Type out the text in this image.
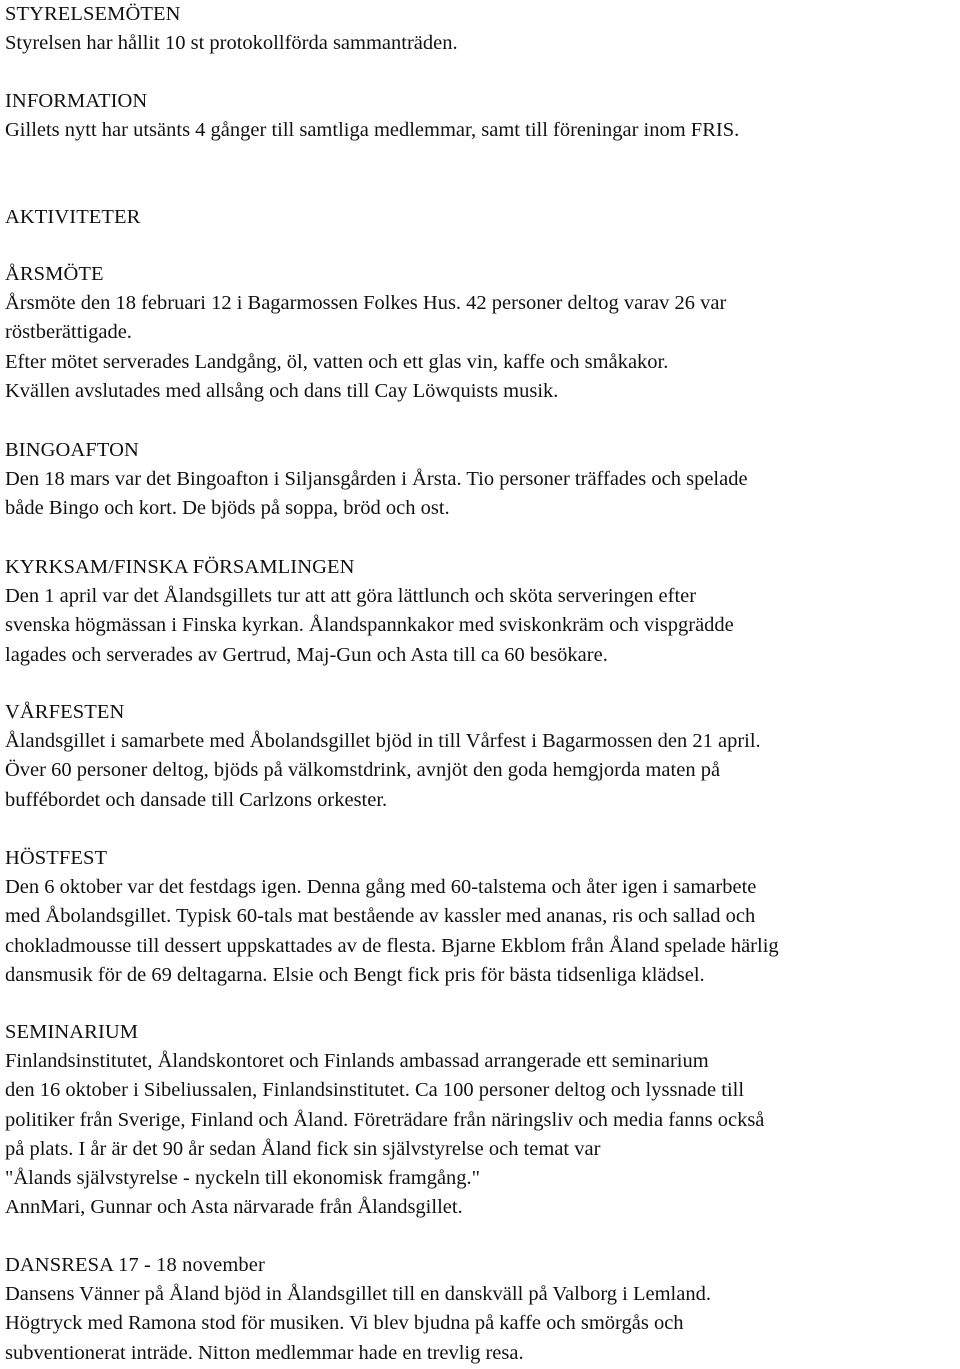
STYRELSEMÖTEN
Styrelsen har hållit 10 st protokollförda sammanträden.
INFORMATION
Gillets nytt har utsänts 4 gånger till samtliga medlemmar, samt till föreningar inom FRIS.
AKTIVITETER
ÅRSMÖTE
Årsmöte den 18 februari 12 i Bagarmossen Folkes Hus. 42 personer deltog varav 26 var
röstberättigade.
Efter mötet serverades Landgång, öl, vatten och ett glas vin, kaffe och småkakor.
Kvällen avslutades med allsång och dans till Cay Löwquists musik.
BINGOAFTON
Den 18 mars var det Bingoafton i Siljansgården i Årsta. Tio personer träffades och spelade
både Bingo och kort. De bjöds på soppa, bröd och ost.
KYRKSAM/FINSKA FÖRSAMLINGEN
Den 1 april var det Ålandsgillets tur att att göra lättlunch och sköta serveringen efter
svenska högmässan i Finska kyrkan. Ålandspannkakor med sviskonkräm och vispgrädde
lagades och serverades av Gertrud, Maj-Gun och Asta till ca 60 besökare.
VÅRFESTEN
Ålandsgillet i samarbete med Åbolandsgillet bjöd in till Vårfest i Bagarmossen den 21 april.
Över 60 personer deltog, bjöds på välkomstdrink, avnjöt den goda hemgjorda maten på
buffébordet och dansade till Carlzons orkester.
HÖSTFEST
Den 6 oktober var det festdags igen. Denna gång med 60-talstema och åter igen i samarbete
med Åbolandsgillet. Typisk 60-tals mat bestående av kassler med ananas, ris och sallad och
chokladmousse till dessert uppskattades av de flesta. Bjarne Ekblom från Åland spelade härlig
dansmusik för de 69 deltagarna. Elsie och Bengt fick pris för bästa tidsenliga klädsel.
SEMINARIUM
Finlandsinstitutet, Ålandskontoret och Finlands ambassad arrangerade ett seminarium
den 16 oktober i Sibeliussalen, Finlandsinstitutet. Ca 100 personer deltog och lyssnade till
politiker från Sverige, Finland och Åland. Företrädare från näringsliv och media fanns också
på plats. I år är det 90 år sedan Åland fick sin självstyrelse och temat var
"Ålands självstyrelse - nyckeln till ekonomisk framgång."
AnnMari, Gunnar och Asta närvarade från Ålandsgillet.
DANSRESA 17 - 18 november
Dansens Vänner på Åland bjöd in Ålandsgillet till en danskväll på Valborg i Lemland.
Högtryck med Ramona stod för musiken. Vi blev bjudna på kaffe och smörgås och
subventionerat inträde. Nitton medlemmar hade en trevlig resa.
